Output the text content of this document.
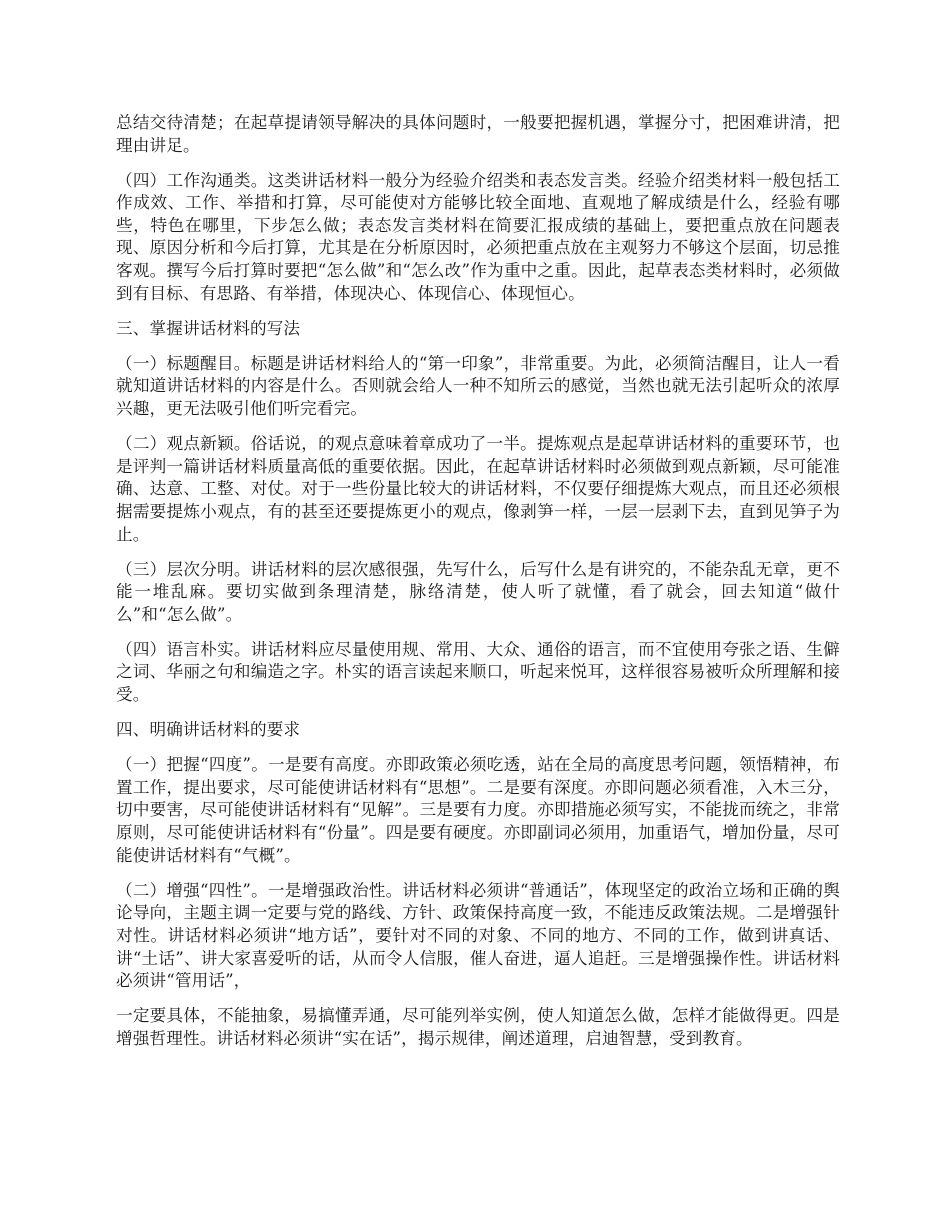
总结交待清楚；在起草提请领导解决的具体问题时，一般要把握机遇，掌握分寸，把困难讲清，把理由讲足。

（四）工作沟通类。这类讲话材料一般分为经验介绍类和表态发言类。经验介绍类材料一般包括工作成效、工作、举措和打算，尽可能使对方能够比较全面地、直观地了解成绩是什么，经验有哪些，特色在哪里，下步怎么做；表态发言类材料在简要汇报成绩的基础上，要把重点放在问题表现、原因分析和今后打算，尤其是在分析原因时，必须把重点放在主观努力不够这个层面，切忌推客观。撰写今后打算时要把“怎么做”和“怎么改”作为重中之重。因此，起草表态类材料时，必须做到有目标、有思路、有举措，体现决心、体现信心、体现恒心。

三、掌握讲话材料的写法

（一）标题醒目。标题是讲话材料给人的“第一印象”，非常重要。为此，必须简洁醒目，让人一看就知道讲话材料的内容是什么。否则就会给人一种不知所云的感觉，当然也就无法引起听众的浓厚兴趣，更无法吸引他们听完看完。

（二）观点新颖。俗话说，的观点意味着章成功了一半。提炼观点是起草讲话材料的重要环节，也是评判一篇讲话材料质量高低的重要依据。因此，在起草讲话材料时必须做到观点新颖，尽可能准确、达意、工整、对仗。对于一些份量比较大的讲话材料，不仅要仔细提炼大观点，而且还必须根据需要提炼小观点，有的甚至还要提炼更小的观点，像剥笋一样，一层一层剥下去，直到见笋子为止。

（三）层次分明。讲话材料的层次感很强，先写什么，后写什么是有讲究的，不能杂乱无章，更不能一堆乱麻。要切实做到条理清楚，脉络清楚，使人听了就懂，看了就会，回去知道“做什么”和“怎么做”。

（四）语言朴实。讲话材料应尽量使用规、常用、大众、通俗的语言，而不宜使用夸张之语、生僻之词、华丽之句和编造之字。朴实的语言读起来顺口，听起来悦耳，这样很容易被听众所理解和接受。

四、明确讲话材料的要求

（一）把握“四度”。一是要有高度。亦即政策必须吃透，站在全局的高度思考问题，领悟精神，布置工作，提出要求，尽可能使讲话材料有“思想”。二是要有深度。亦即问题必须看准，入木三分，切中要害，尽可能使讲话材料有“见解”。三是要有力度。亦即措施必须写实，不能拢而统之，非常原则，尽可能使讲话材料有“份量”。四是要有硬度。亦即副词必须用，加重语气，增加份量，尽可能使讲话材料有“气概”。

（二）增强“四性”。一是增强政治性。讲话材料必须讲“普通话”，体现坚定的政治立场和正确的舆论导向，主题主调一定要与党的路线、方针、政策保持高度一致，不能违反政策法规。二是增强针对性。讲话材料必须讲“地方话”，要针对不同的对象、不同的地方、不同的工作，做到讲真话、讲“土话”、讲大家喜爱听的话，从而令人信服，催人奋进，逼人追赶。三是增强操作性。讲话材料必须讲“管用话”，

一定要具体，不能抽象，易搞懂弄通，尽可能列举实例，使人知道怎么做，怎样才能做得更。四是增强哲理性。讲话材料必须讲“实在话”，揭示规律，阐述道理，启迪智慧，受到教育。
